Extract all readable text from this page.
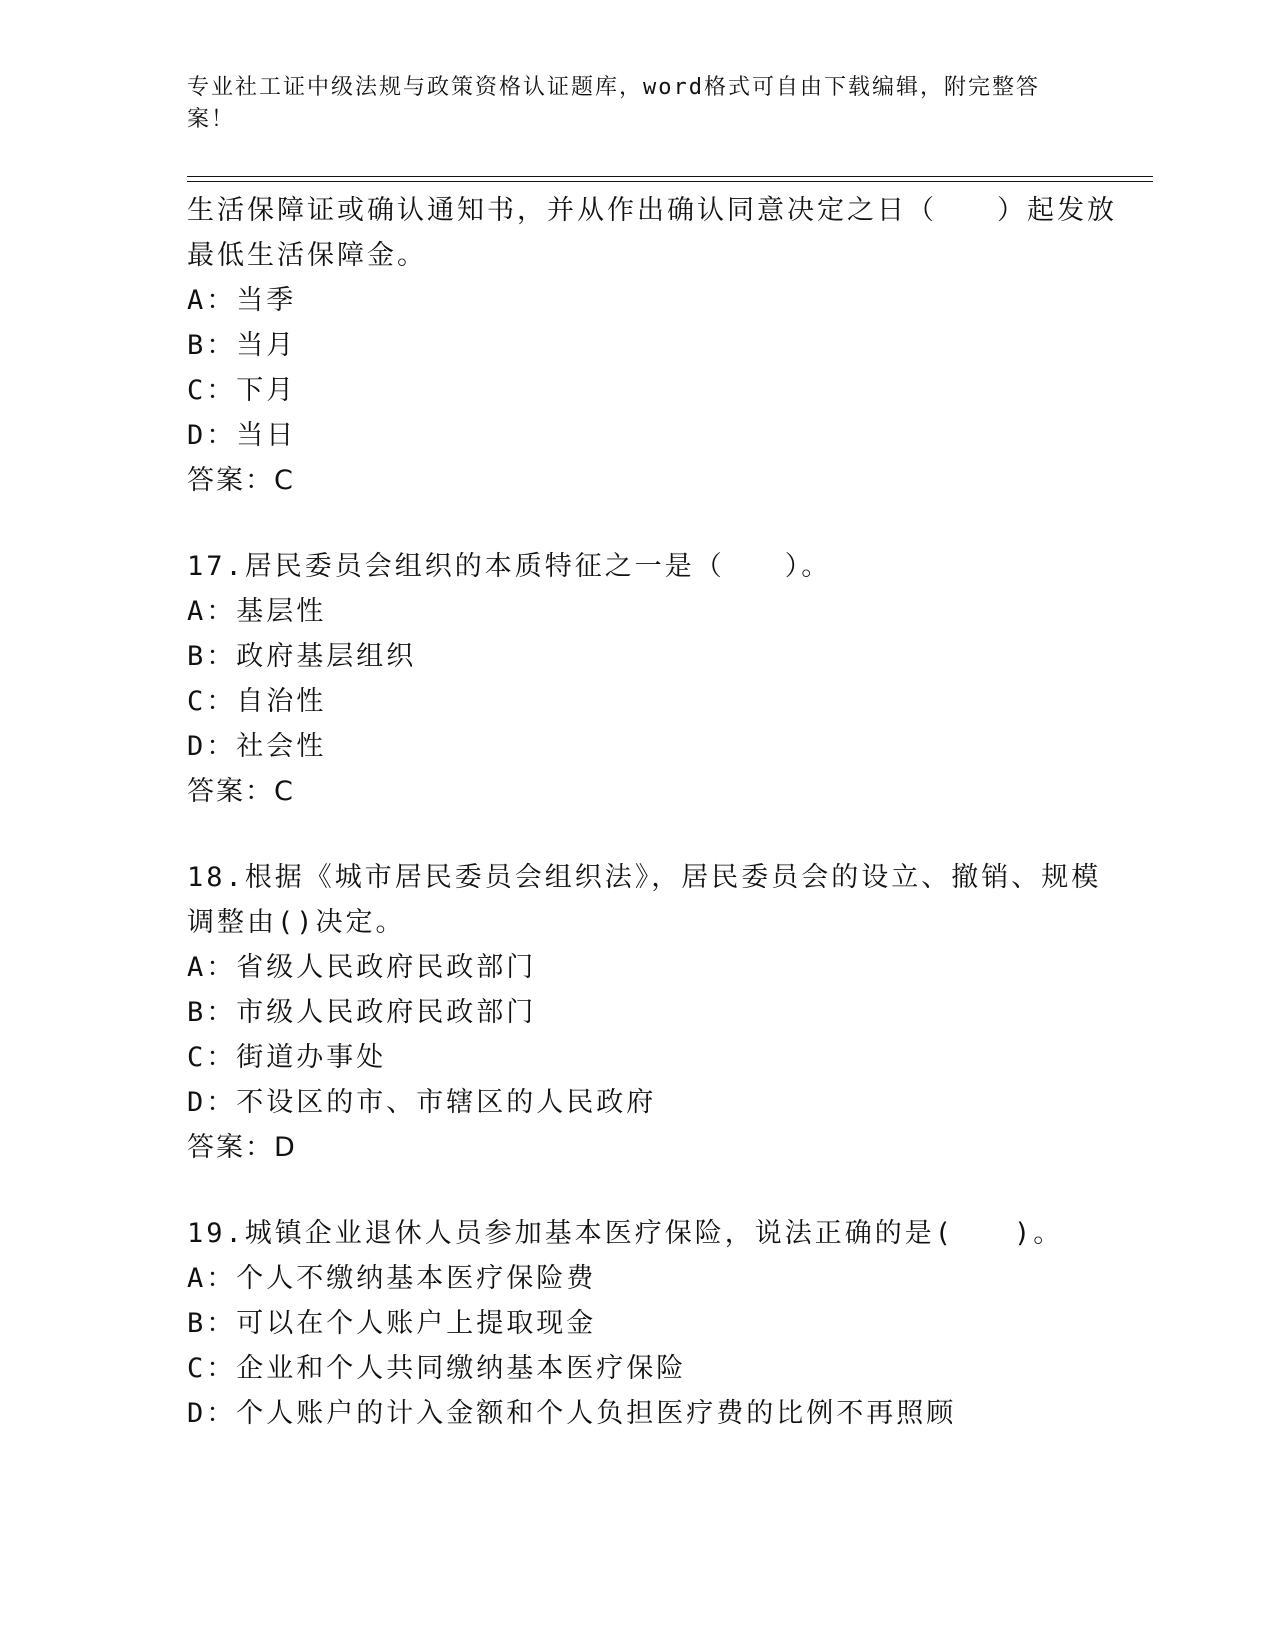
专业社工证中级法规与政策资格认证题库，word格式可自由下载编辑，附完整答
案！
生活保障证或确认通知书，并从作出确认同意决定之日（　　）起发放
最低生活保障金。
A：当季
B：当月
C：下月
D：当日
答案：C
17.居民委员会组织的本质特征之一是（　　）。
A：基层性
B：政府基层组织
C：自治性
D：社会性
答案：C
18.根据《城市居民委员会组织法》，居民委员会的设立、撤销、规模
调整由()决定。
A：省级人民政府民政部门
B：市级人民政府民政部门
C：街道办事处
D：不设区的市、市辖区的人民政府
答案：D
19.城镇企业退休人员参加基本医疗保险，说法正确的是(　　)。
A：个人不缴纳基本医疗保险费
B：可以在个人账户上提取现金
C：企业和个人共同缴纳基本医疗保险
D：个人账户的计入金额和个人负担医疗费的比例不再照顾
